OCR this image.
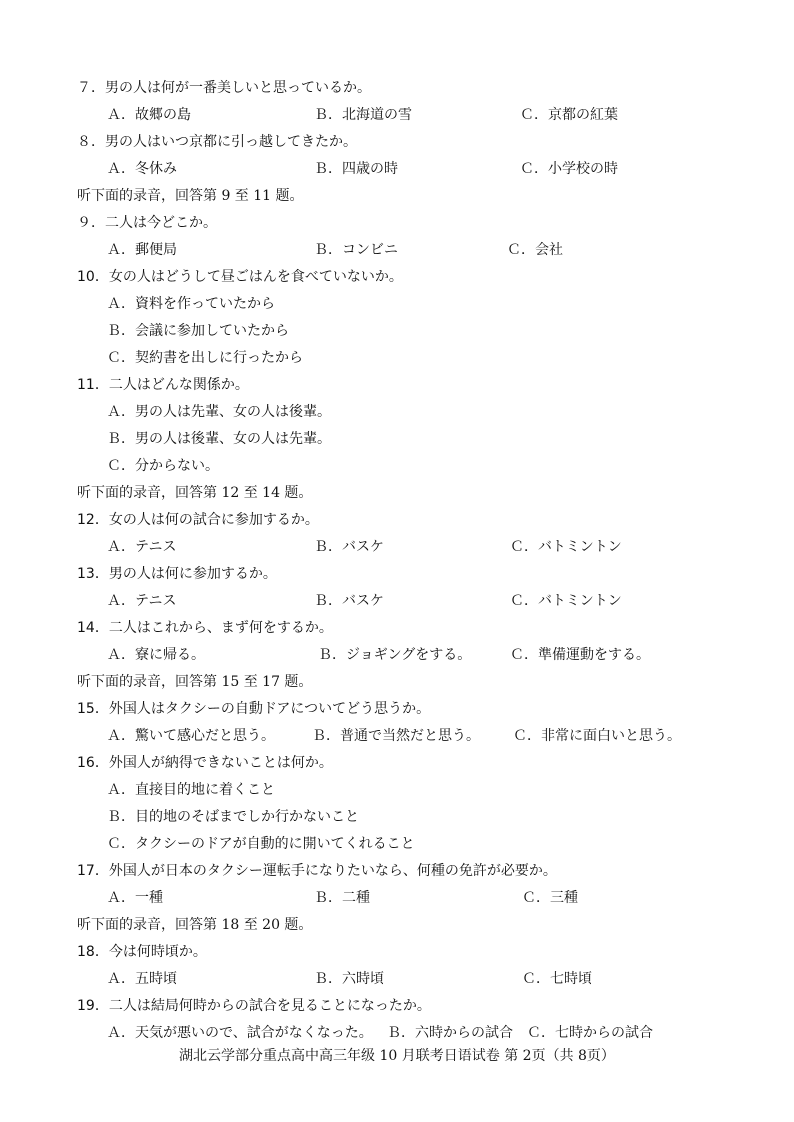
７．男の人は何が一番美しいと思っているか。
Ａ．故郷の島	Ｂ．北海道の雪	Ｃ．京都の紅葉
８．男の人はいつ京都に引っ越してきたか。
Ａ．冬休み	Ｂ．四歳の時	Ｃ．小学校の時
听下面的录音，回答第 9 至 11 题。
９．二人は今どこか。
Ａ．郵便局	Ｂ．コンビニ	Ｃ．会社
10．女の人はどうして昼ごはんを食べていないか。
Ａ．資料を作っていたから
Ｂ．会議に参加していたから
Ｃ．契約書を出しに行ったから
11．二人はどんな関係か。
Ａ．男の人は先輩、女の人は後輩。
Ｂ．男の人は後輩、女の人は先輩。
Ｃ．分からない。
听下面的录音，回答第 12 至 14 题。
12．女の人は何の試合に参加するか。
Ａ．テニス	Ｂ．バスケ	Ｃ．バトミントン
13．男の人は何に参加するか。
Ａ．テニス	Ｂ．バスケ	Ｃ．バトミントン
14．二人はこれから、まず何をするか。
Ａ．寮に帰る。	Ｂ．ジョギングをする。	Ｃ．準備運動をする。
听下面的录音，回答第 15 至 17 题。
15．外国人はタクシーの自動ドアについてどう思うか。
Ａ．驚いて感心だと思う。	Ｂ．普通で当然だと思う。 Ｃ．非常に面白いと思う。
16．外国人が納得できないことは何か。
Ａ．直接目的地に着くこと
Ｂ．目的地のそばまでしか行かないこと
Ｃ．タクシーのドアが自動的に開いてくれること
17．外国人が日本のタクシー運転手になりたいなら、何種の免許が必要か。
Ａ．一種	Ｂ．二種	Ｃ．三種
听下面的录音，回答第 18 至 20 题。
18．今は何時頃か。
Ａ．五時頃	Ｂ．六時頃	Ｃ．七時頃
19．二人は結局何時からの試合を見ることになったか。
Ａ．天気が悪いので、試合がなくなった。 Ｂ．六時からの試合 Ｃ．七時からの試合
湖北云学部分重点高中高三年级 10 月联考日语试卷 第 2页（共 8页）
